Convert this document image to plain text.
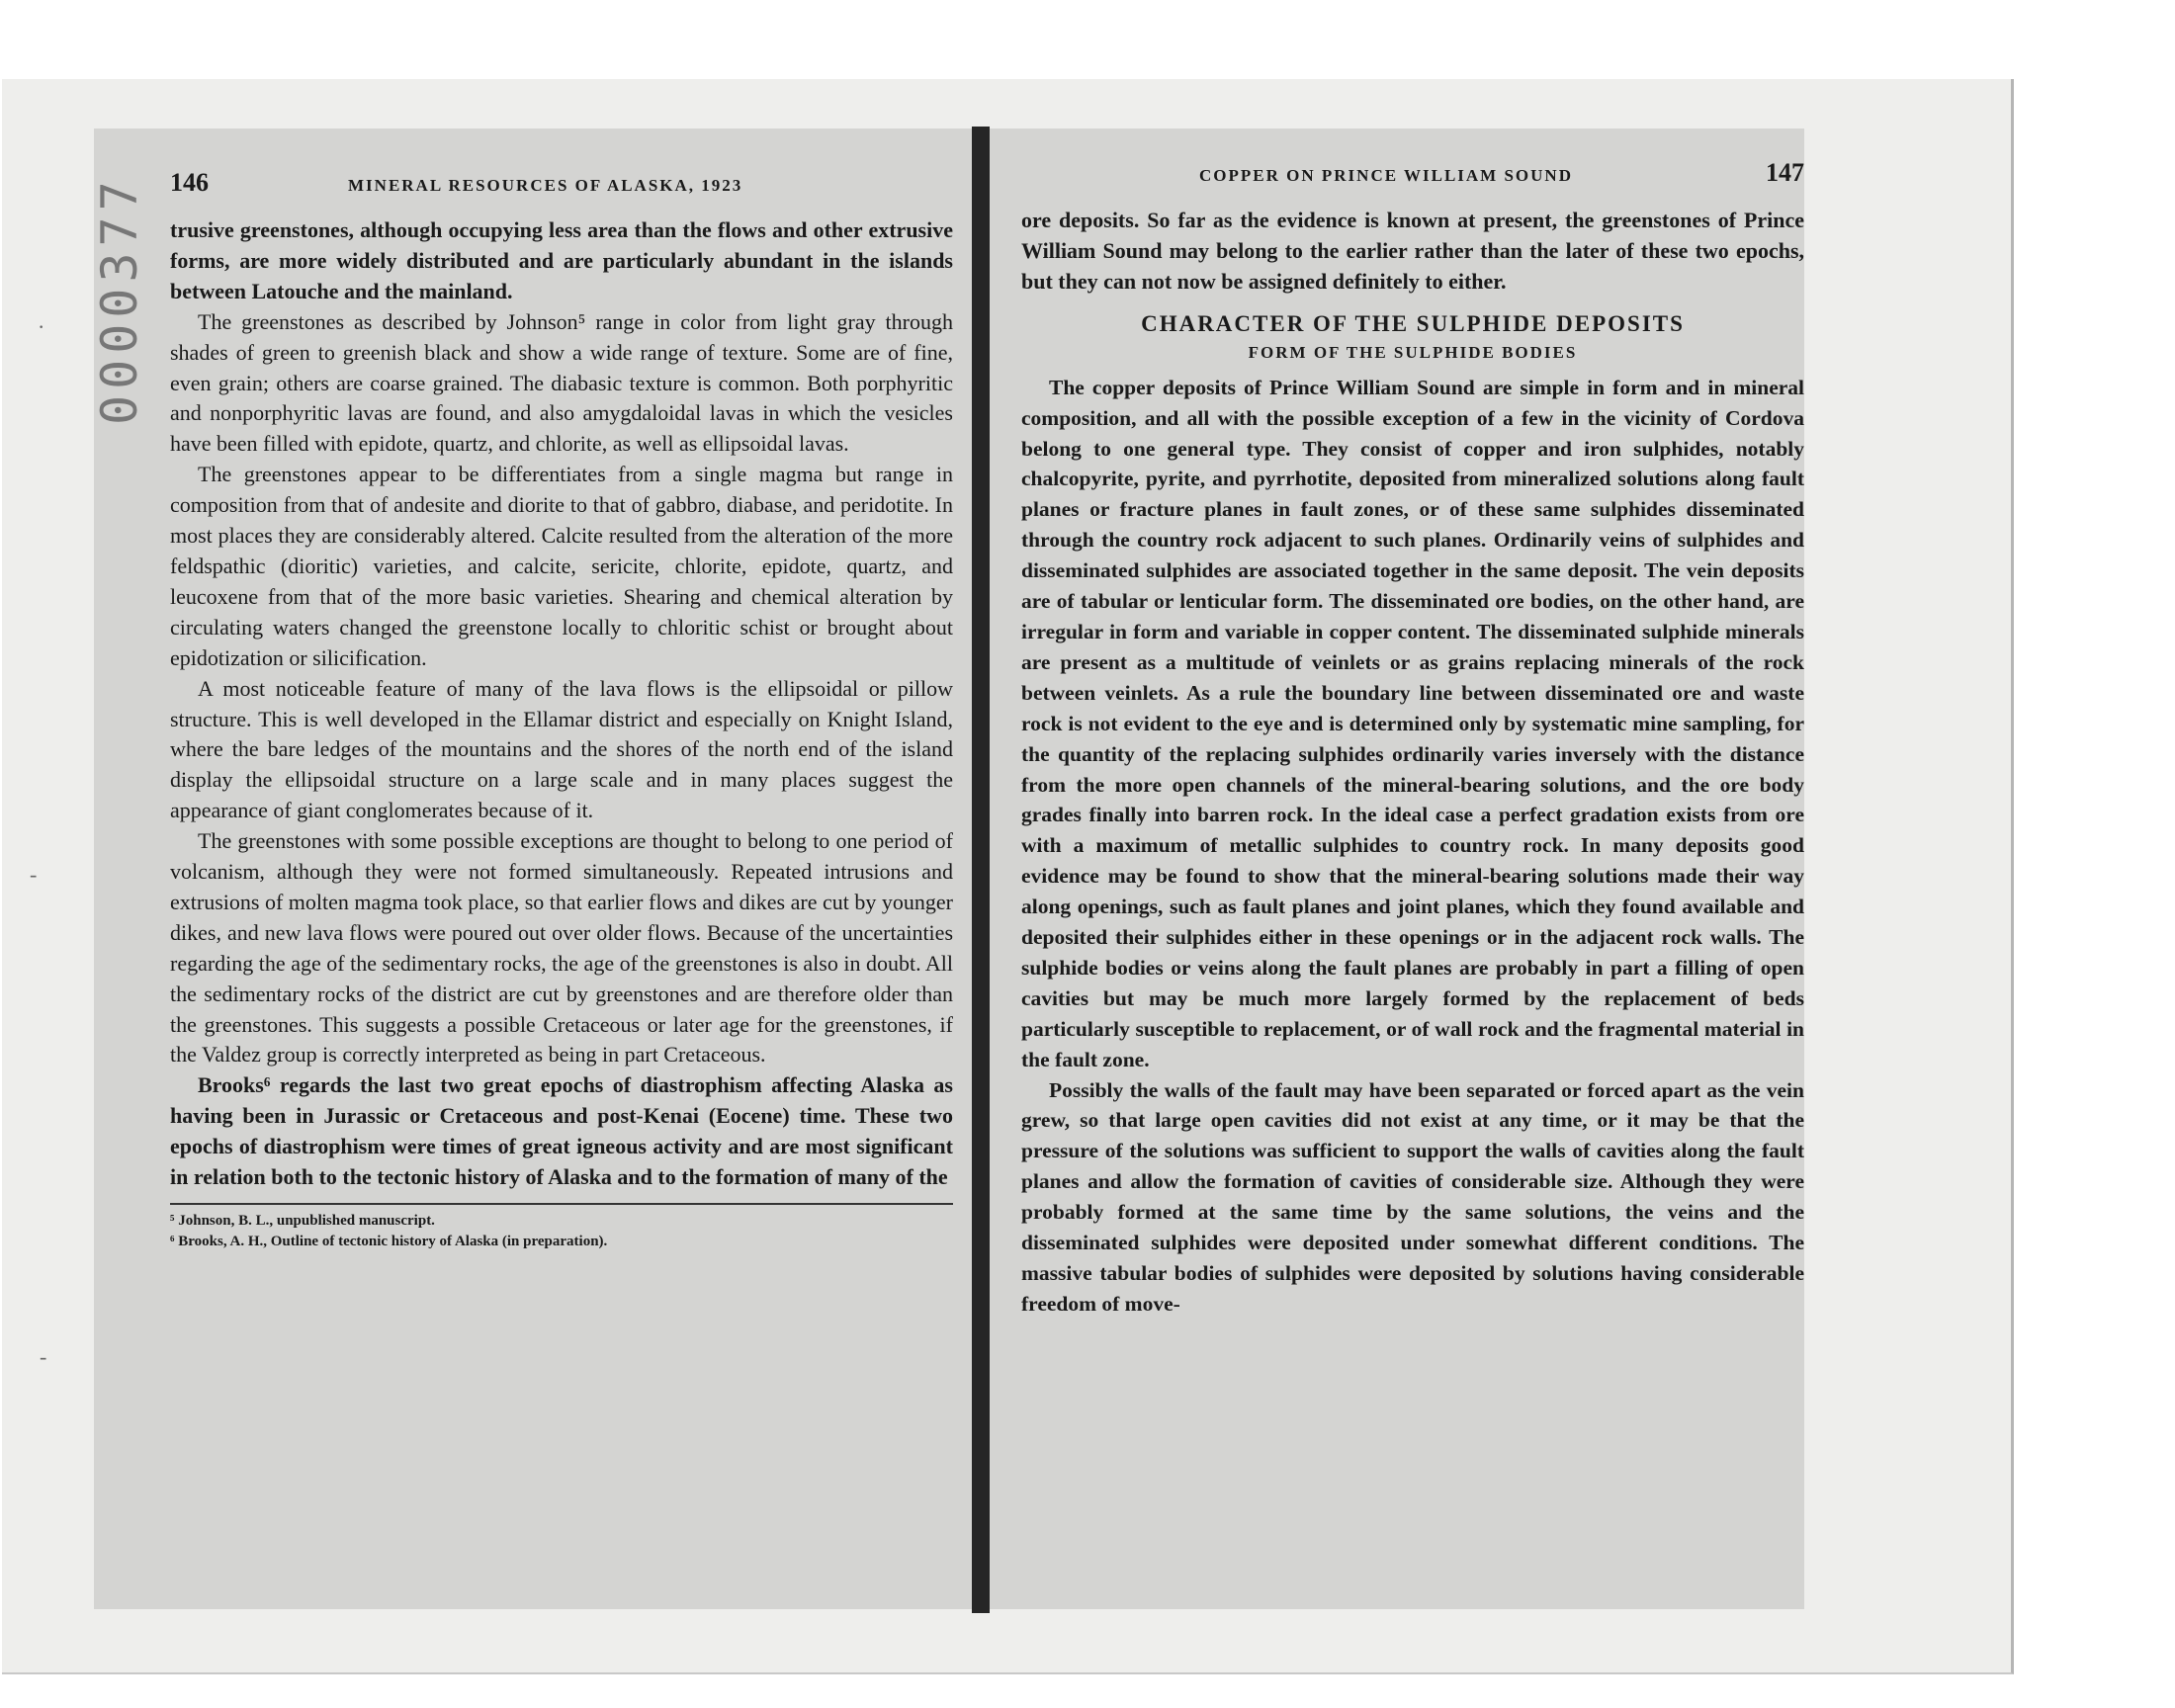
0000377
·
-
-
146	MINERAL RESOURCES OF ALASKA, 1923

trusive greenstones, although occupying less area than the flows and other extrusive forms, are more widely distributed and are particularly abundant in the islands between Latouche and the mainland.

The greenstones as described by Johnson⁵ range in color from light gray through shades of green to greenish black and show a wide range of texture. Some are of fine, even grain; others are coarse grained. The diabasic texture is common. Both porphyritic and nonporphyritic lavas are found, and also amygdaloidal lavas in which the vesicles have been filled with epidote, quartz, and chlorite, as well as ellipsoidal lavas.

The greenstones appear to be differentiates from a single magma but range in composition from that of andesite and diorite to that of gabbro, diabase, and peridotite. In most places they are considerably altered. Calcite resulted from the alteration of the more feldspathic (dioritic) varieties, and calcite, sericite, chlorite, epidote, quartz, and leucoxene from that of the more basic varieties. Shearing and chemical alteration by circulating waters changed the greenstone locally to chloritic schist or brought about epidotization or silicification.

A most noticeable feature of many of the lava flows is the ellipsoidal or pillow structure. This is well developed in the Ellamar district and especially on Knight Island, where the bare ledges of the mountains and the shores of the north end of the island display the ellipsoidal structure on a large scale and in many places suggest the appearance of giant conglomerates because of it.

The greenstones with some possible exceptions are thought to belong to one period of volcanism, although they were not formed simultaneously. Repeated intrusions and extrusions of molten magma took place, so that earlier flows and dikes are cut by younger dikes, and new lava flows were poured out over older flows. Because of the uncertainties regarding the age of the sedimentary rocks, the age of the greenstones is also in doubt. All the sedimentary rocks of the district are cut by greenstones and are therefore older than the greenstones. This suggests a possible Cretaceous or later age for the greenstones, if the Valdez group is correctly interpreted as being in part Cretaceous.

Brooks⁶ regards the last two great epochs of diastrophism affecting Alaska as having been in Jurassic or Cretaceous and post-Kenai (Eocene) time. These two epochs of diastrophism were times of great igneous activity and are most significant in relation both to the tectonic history of Alaska and to the formation of many of the

⁵ Johnson, B. L., unpublished manuscript.

⁶ Brooks, A. H., Outline of tectonic history of Alaska (in preparation).

COPPER ON PRINCE WILLIAM SOUND	147

ore deposits. So far as the evidence is known at present, the greenstones of Prince William Sound may belong to the earlier rather than the later of these two epochs, but they can not now be assigned definitely to either.

CHARACTER OF THE SULPHIDE DEPOSITS
FORM OF THE SULPHIDE BODIES

The copper deposits of Prince William Sound are simple in form and in mineral composition, and all with the possible exception of a few in the vicinity of Cordova belong to one general type. They consist of copper and iron sulphides, notably chalcopyrite, pyrite, and pyrrhotite, deposited from mineralized solutions along fault planes or fracture planes in fault zones, or of these same sulphides disseminated through the country rock adjacent to such planes. Ordinarily veins of sulphides and disseminated sulphides are associated together in the same deposit. The vein deposits are of tabular or lenticular form. The disseminated ore bodies, on the other hand, are irregular in form and variable in copper content. The disseminated sulphide minerals are present as a multitude of veinlets or as grains replacing minerals of the rock between veinlets. As a rule the boundary line between disseminated ore and waste rock is not evident to the eye and is determined only by systematic mine sampling, for the quantity of the replacing sulphides ordinarily varies inversely with the distance from the more open channels of the mineral-bearing solutions, and the ore body grades finally into barren rock. In the ideal case a perfect gradation exists from ore with a maximum of metallic sulphides to country rock. In many deposits good evidence may be found to show that the mineral-bearing solutions made their way along openings, such as fault planes and joint planes, which they found available and deposited their sulphides either in these openings or in the adjacent rock walls. The sulphide bodies or veins along the fault planes are probably in part a filling of open cavities but may be much more largely formed by the replacement of beds particularly susceptible to replacement, or of wall rock and the fragmental material in the fault zone.

Possibly the walls of the fault may have been separated or forced apart as the vein grew, so that large open cavities did not exist at any time, or it may be that the pressure of the solutions was sufficient to support the walls of cavities along the fault planes and allow the formation of cavities of considerable size. Although they were probably formed at the same time by the same solutions, the veins and the disseminated sulphides were deposited under somewhat different conditions. The massive tabular bodies of sulphides were deposited by solutions having considerable freedom of move-
